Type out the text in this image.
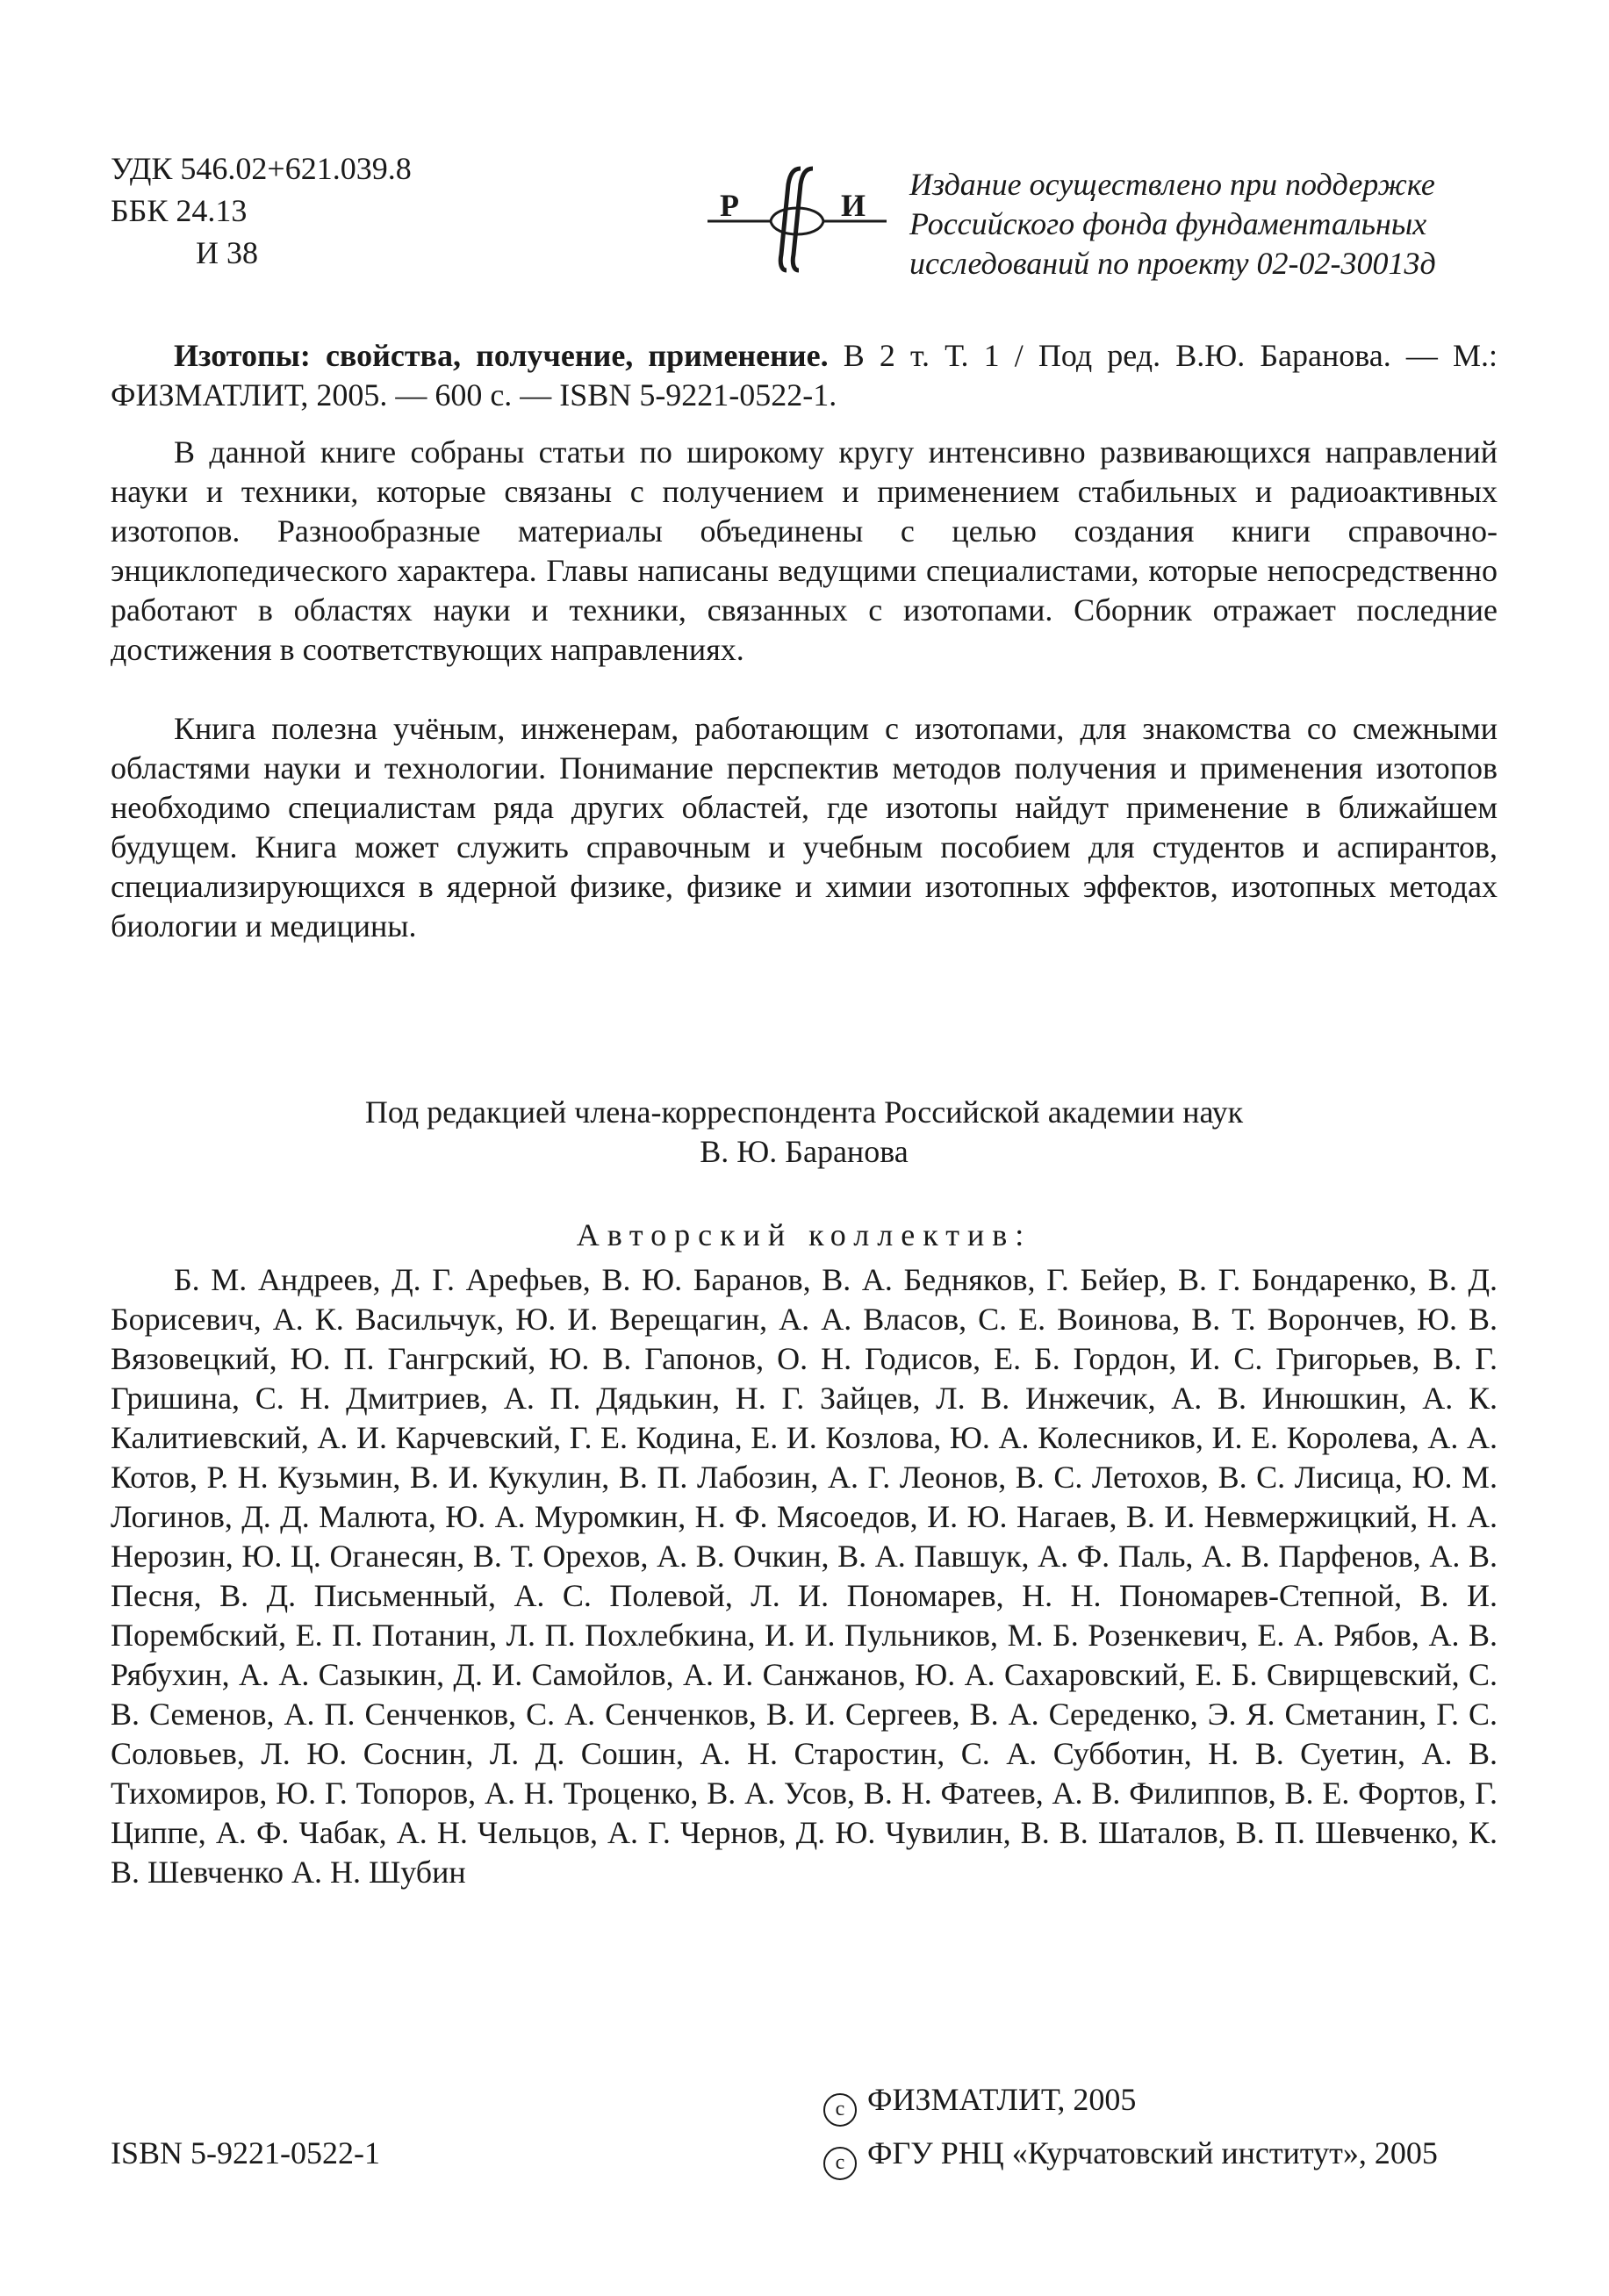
УДК 546.02+621.039.8
ББК 24.13
И 38
Р	И
Издание осуществлено при поддержке
Российского фонда фундаментальных
исследований по проекту 02-02-30013д

Изотопы: свойства, получение, применение. В 2 т. Т. 1 / Под ред. В.Ю. Баранова. — М.: ФИЗМАТЛИТ, 2005. — 600 с. — ISBN 5-9221-0522-1.

В данной книге собраны статьи по широкому кругу интенсивно развивающихся направлений науки и техники, которые связаны с получением и применением стабильных и радиоактивных изотопов. Разнообразные материалы объединены с целью создания книги справочно-энциклопедического характера. Главы написаны ведущими специалистами, которые непосредственно работают в областях науки и техники, связанных с изотопами. Сборник отражает последние достижения в соответствующих направлениях.

Книга полезна учёным, инженерам, работающим с изотопами, для знакомства со смежными областями науки и технологии. Понимание перспектив методов получения и применения изотопов необходимо специалистам ряда других областей, где изотопы найдут применение в ближайшем будущем. Книга может служить справочным и учебным пособием для студентов и аспирантов, специализирующихся в ядерной физике, физике и химии изотопных эффектов, изотопных методах биологии и медицины.

Под редакцией члена-корреспондента Российской академии наук
В. Ю. Баранова
Авторский коллектив:

Б. М. Андреев, Д. Г. Арефьев, В. Ю. Баранов, В. А. Бедняков, Г. Бейер, В. Г. Бондаренко, В. Д. Борисевич, А. К. Васильчук, Ю. И. Верещагин, А. А. Власов, С. Е. Воинова, В. Т. Ворончев, Ю. В. Вязовецкий, Ю. П. Гангрский, Ю. В. Гапонов, О. Н. Годисов, Е. Б. Гордон, И. С. Григорьев, В. Г. Гришина, С. Н. Дмитриев, А. П. Дядькин, Н. Г. Зайцев, Л. В. Инжечик, А. В. Инюшкин, А. К. Калитиевский, А. И. Карчевский, Г. Е. Кодина, Е. И. Козлова, Ю. А. Колесников, И. Е. Королева, А. А. Котов, Р. Н. Кузьмин, В. И. Кукулин, В. П. Лабозин, А. Г. Леонов, В. С. Летохов, В. С. Лисица, Ю. М. Логинов, Д. Д. Малюта, Ю. А. Муромкин, Н. Ф. Мясоедов, И. Ю. Нагаев, В. И. Невмержицкий, Н. А. Нерозин, Ю. Ц. Оганесян, В. Т. Орехов, А. В. Очкин, В. А. Павшук, А. Ф. Паль, А. В. Парфенов, А. В. Песня, В. Д. Письменный, А. С. Полевой, Л. И. Пономарев, Н. Н. Пономарев-Степной, В. И. Порембский, Е. П. Потанин, Л. П. Похлебкина, И. И. Пульников, М. Б. Розенкевич, Е. А. Рябов, А. В. Рябухин, А. А. Сазыкин, Д. И. Самойлов, А. И. Санжанов, Ю. А. Сахаровский, Е. Б. Свирщевский, С. В. Семенов, А. П. Сенченков, С. А. Сенченков, В. И. Сергеев, В. А. Середенко, Э. Я. Сметанин, Г. С. Соловьев, Л. Ю. Соснин, Л. Д. Сошин, А. Н. Старостин, С. А. Субботин, Н. В. Суетин, А. В. Тихомиров, Ю. Г. Топоров, А. Н. Троценко, В. А. Усов, В. Н. Фатеев, А. В. Филиппов, В. Е. Фортов, Г. Циппе, А. Ф. Чабак, А. Н. Чельцов, А. Г. Чернов, Д. Ю. Чувилин, В. В. Шаталов, В. П. Шевченко, К. В. Шевченко А. Н. Шубин

ISBN 5-9221-0522-1
c ФИЗМАТЛИТ, 2005
c ФГУ РНЦ «Курчатовский институт», 2005
